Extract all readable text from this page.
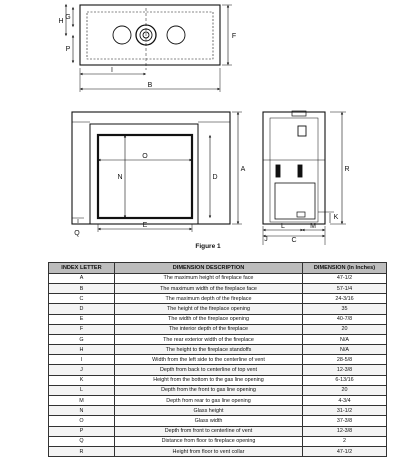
G
H
P
F
I
B
O
N	D
A
E
Q
R
K
L	M
J	C
Figure 1
INDEX LETTER	DIMENSION DESCRIPTION	DIMENSION (In Inches)
A	The maximum height of fireplace face	47-1/2
B	The maximum width of the fireplace face	57-1/4
C	The maximum depth of the fireplace	24-3/16
D	The height of the fireplace opening	35
E	The width of the fireplace opening	40-7/8
F	The interior depth of the fireplace	20
G	The rear exterior width of the fireplace	N/A
H	The height to the fireplace standoffs	N/A
I	Width from the left side to the centerline of vent	28-5/8
J	Depth from back to centerline of top vent	12-3/8
K	Height from the bottom to the gas line opening	6-13/16
L	Depth from the front to gas line opening	20
M	Depth from rear to gas line opening	4-3/4
N	Glass height	31-1/2
O	Glass width	37-3/8
P	Depth from front to centerline of vent	12-3/8
Q	Distance from floor to fireplace opening	2
R	Height from floor to vent collar	47-1/2
